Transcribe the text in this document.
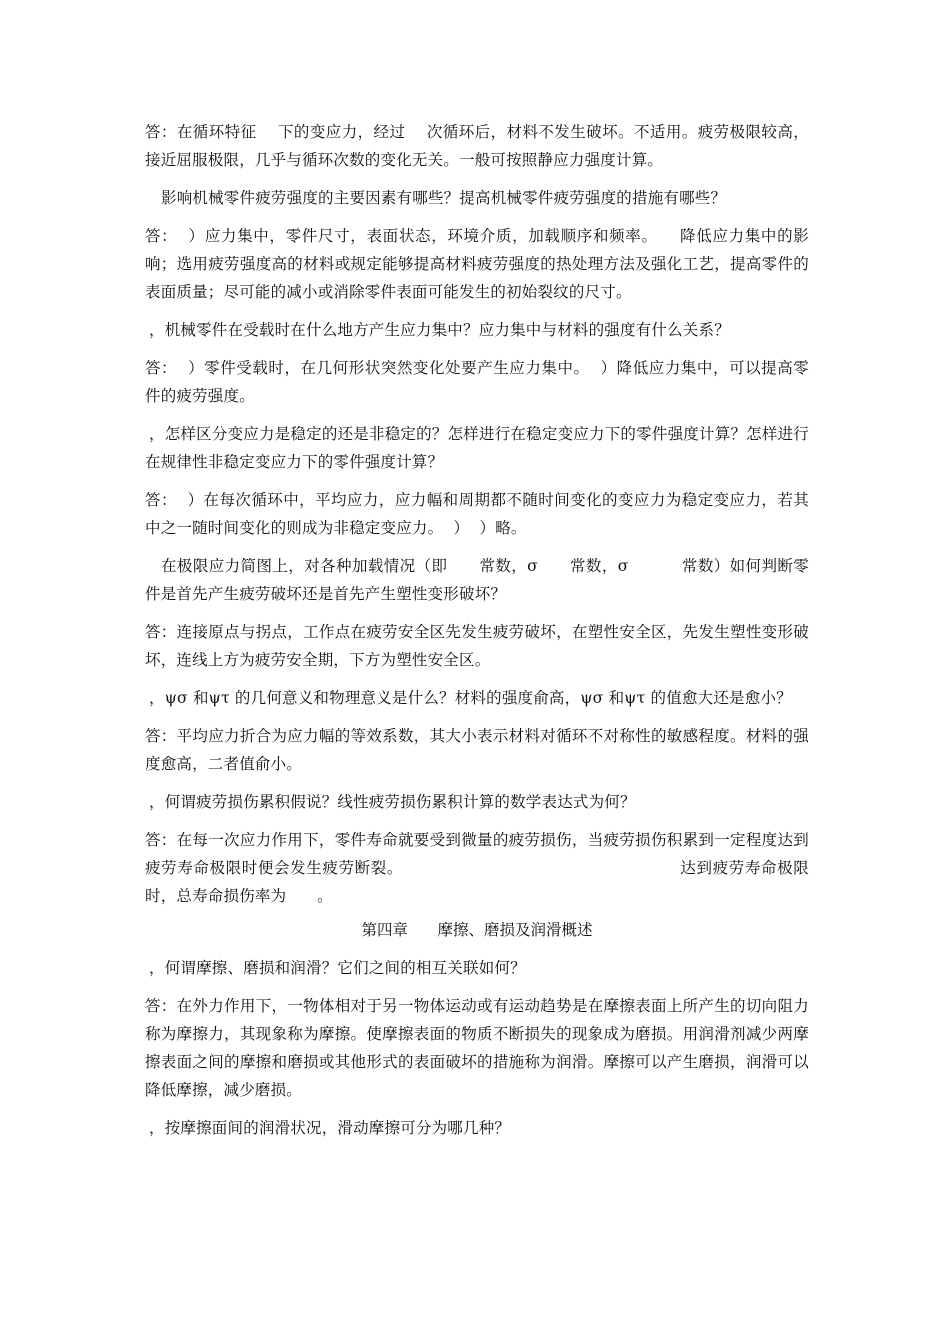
答：在循环特征    下的变应力，经过    次循环后，材料不发生破坏。不适用。疲劳极限较高，接近屈服极限，几乎与循环次数的变化无关。一般可按照静应力强度计算。

影响机械零件疲劳强度的主要因素有哪些？提高机械零件疲劳强度的措施有哪些？

答：  ）应力集中，零件尺寸，表面状态，环境介质，加载顺序和频率。    降低应力集中的影响；选用疲劳强度高的材料或规定能够提高材料疲劳强度的热处理方法及强化工艺，提高零件的表面质量；尽可能的减小或消除零件表面可能发生的初始裂纹的尺寸。

，机械零件在受载时在什么地方产生应力集中？应力集中与材料的强度有什么关系？

答：  ）零件受载时，在几何形状突然变化处要产生应力集中。  ）降低应力集中，可以提高零件的疲劳强度。

，怎样区分变应力是稳定的还是非稳定的？怎样进行在稳定变应力下的零件强度计算？怎样进行在规律性非稳定变应力下的零件强度计算？

答：  ）在每次循环中，平均应力，应力幅和周期都不随时间变化的变应力为稳定变应力，若其中之一随时间变化的则成为非稳定变应力。  ）  ）略。

在极限应力简图上，对各种加载情况（即      常数，σ      常数，σ          常数）如何判断零件是首先产生疲劳破坏还是首先产生塑性变形破坏？

答：连接原点与拐点，工作点在疲劳安全区先发生疲劳破坏，在塑性安全区，先发生塑性变形破坏，连线上方为疲劳安全期，下方为塑性安全区。

，ψσ 和ψτ 的几何意义和物理意义是什么？材料的强度俞高，ψσ 和ψτ 的值愈大还是愈小？

答：平均应力折合为应力幅的等效系数，其大小表示材料对循环不对称性的敏感程度。材料的强度愈高，二者值俞小。

，何谓疲劳损伤累积假说？线性疲劳损伤累积计算的数学表达式为何？

答：在每一次应力作用下，零件寿命就要受到微量的疲劳损伤，当疲劳损伤积累到一定程度达到疲劳寿命极限时便会发生疲劳断裂。                                                  达到疲劳寿命极限时，总寿命损伤率为      。

第四章      摩擦、磨损及润滑概述

，何谓摩擦、磨损和润滑？它们之间的相互关联如何？

答：在外力作用下，一物体相对于另一物体运动或有运动趋势是在摩擦表面上所产生的切向阻力称为摩擦力，其现象称为摩擦。使摩擦表面的物质不断损失的现象成为磨损。用润滑剂减少两摩擦表面之间的摩擦和磨损或其他形式的表面破坏的措施称为润滑。摩擦可以产生磨损，润滑可以降低摩擦，减少磨损。

，按摩擦面间的润滑状况，滑动摩擦可分为哪几种？
